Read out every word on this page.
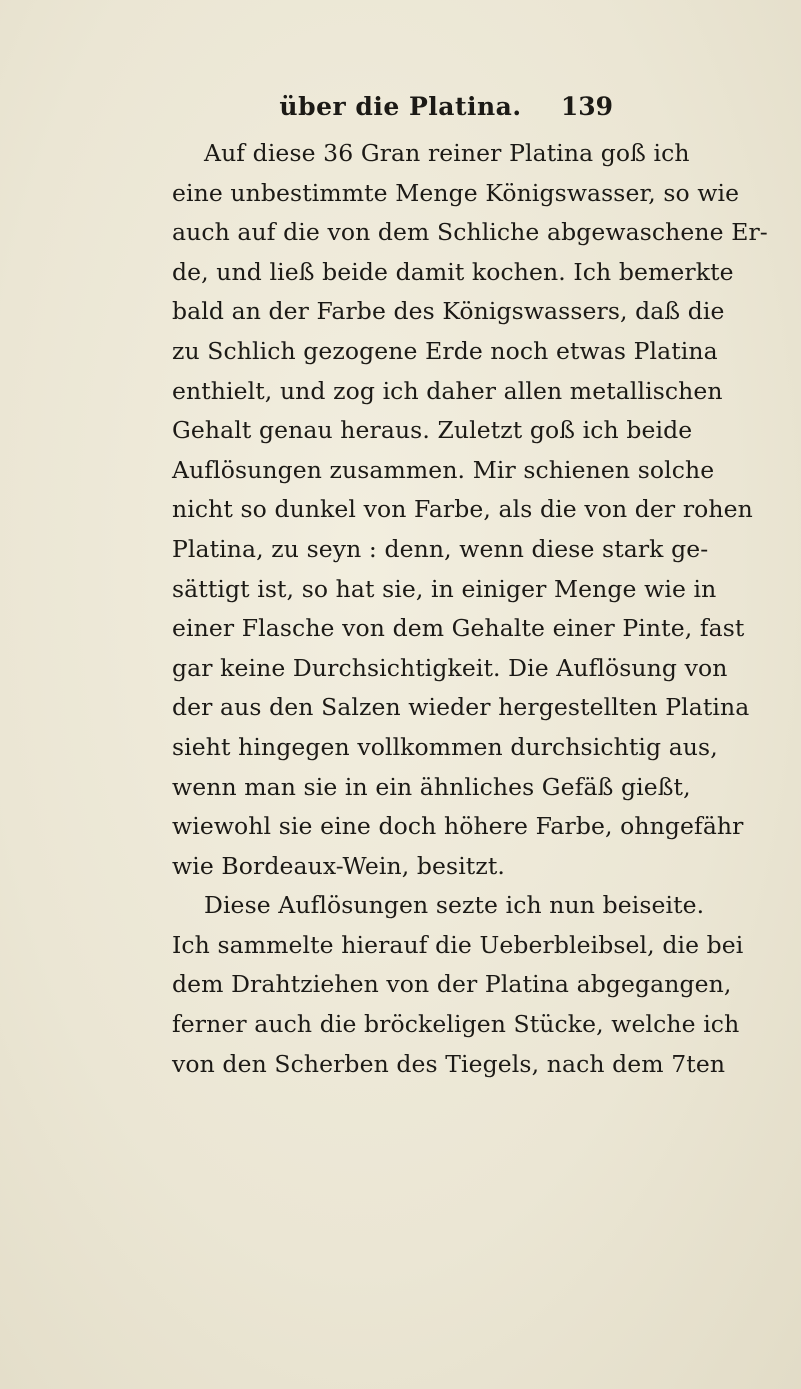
über die Platina.	139
Auf diese 36 Gran reiner Platina goß ich
eine unbestimmte Menge Königswasser, so wie
auch auf die von dem Schliche abgewaschene Er-
de, und ließ beide damit kochen. Ich bemerkte
bald an der Farbe des Königswassers, daß die
zu Schlich gezogene Erde noch etwas Platina
enthielt, und zog ich daher allen metallischen
Gehalt genau heraus. Zuletzt goß ich beide
Auflösungen zusammen. Mir schienen solche
nicht so dunkel von Farbe, als die von der rohen
Platina, zu seyn : denn, wenn diese stark ge-
sättigt ist, so hat sie, in einiger Menge wie in
einer Flasche von dem Gehalte einer Pinte, fast
gar keine Durchsichtigkeit. Die Auflösung von
der aus den Salzen wieder hergestellten Platina
sieht hingegen vollkommen durchsichtig aus,
wenn man sie in ein ähnliches Gefäß gießt,
wiewohl sie eine doch höhere Farbe, ohngefähr
wie Bordeaux-Wein, besitzt.
Diese Auflösungen sezte ich nun beiseite.
Ich sammelte hierauf die Ueberbleibsel, die bei
dem Drahtziehen von der Platina abgegangen,
ferner auch die bröckeligen Stücke, welche ich
von den Scherben des Tiegels, nach dem 7ten
